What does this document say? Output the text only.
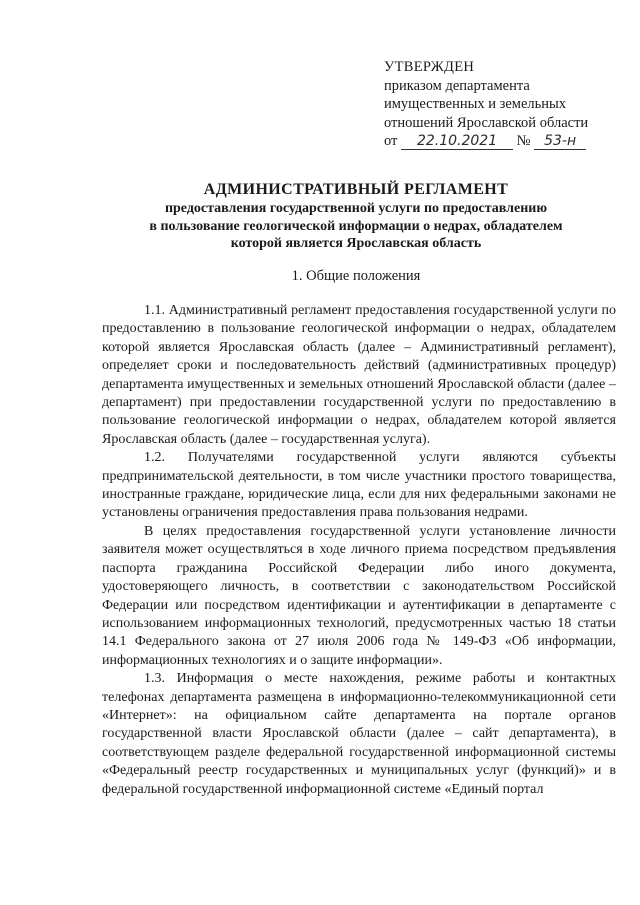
УТВЕРЖДЕН
приказом департамента
имущественных и земельных
отношений Ярославской области
от 22.10.2021 № 53-н
АДМИНИСТРАТИВНЫЙ РЕГЛАМЕНТ
предоставления государственной услуги по предоставлению
в пользование геологической информации о недрах, обладателем
которой является Ярославская область
1. Общие положения

1.1. Административный регламент предоставления государственной услуги по предоставлению в пользование геологической информации о недрах, обладателем которой является Ярославская область (далее – Административный регламент), определяет сроки и последовательность действий (административных процедур) департамента имущественных и земельных отношений Ярославской области (далее – департамент) при предоставлении государственной услуги по предоставлению в пользование геологической информации о недрах, обладателем которой является Ярославская область (далее – государственная услуга).

1.2. Получателями государственной услуги являются субъекты предпринимательской деятельности, в том числе участники простого товарищества, иностранные граждане, юридические лица, если для них федеральными законами не установлены ограничения предоставления права пользования недрами.

В целях предоставления государственной услуги установление личности заявителя может осуществляться в ходе личного приема посредством предъявления паспорта гражданина Российской Федерации либо иного документа, удостоверяющего личность, в соответствии с законодательством Российской Федерации или посредством идентификации и аутентификации в департаменте с использованием информационных технологий, предусмотренных частью 18 статьи 14.1 Федерального закона от 27 июля 2006 года № 149-ФЗ «Об информации, информационных технологиях и о защите информации».

1.3. Информация о месте нахождения, режиме работы и контактных телефонах департамента размещена в информационно-телекоммуникационной сети «Интернет»: на официальном сайте департамента на портале органов государственной власти Ярославской области (далее – сайт департамента), в соответствующем разделе федеральной государственной информационной системы «Федеральный реестр государственных и муниципальных услуг (функций)» и в федеральной государственной информационной системе «Единый портал
